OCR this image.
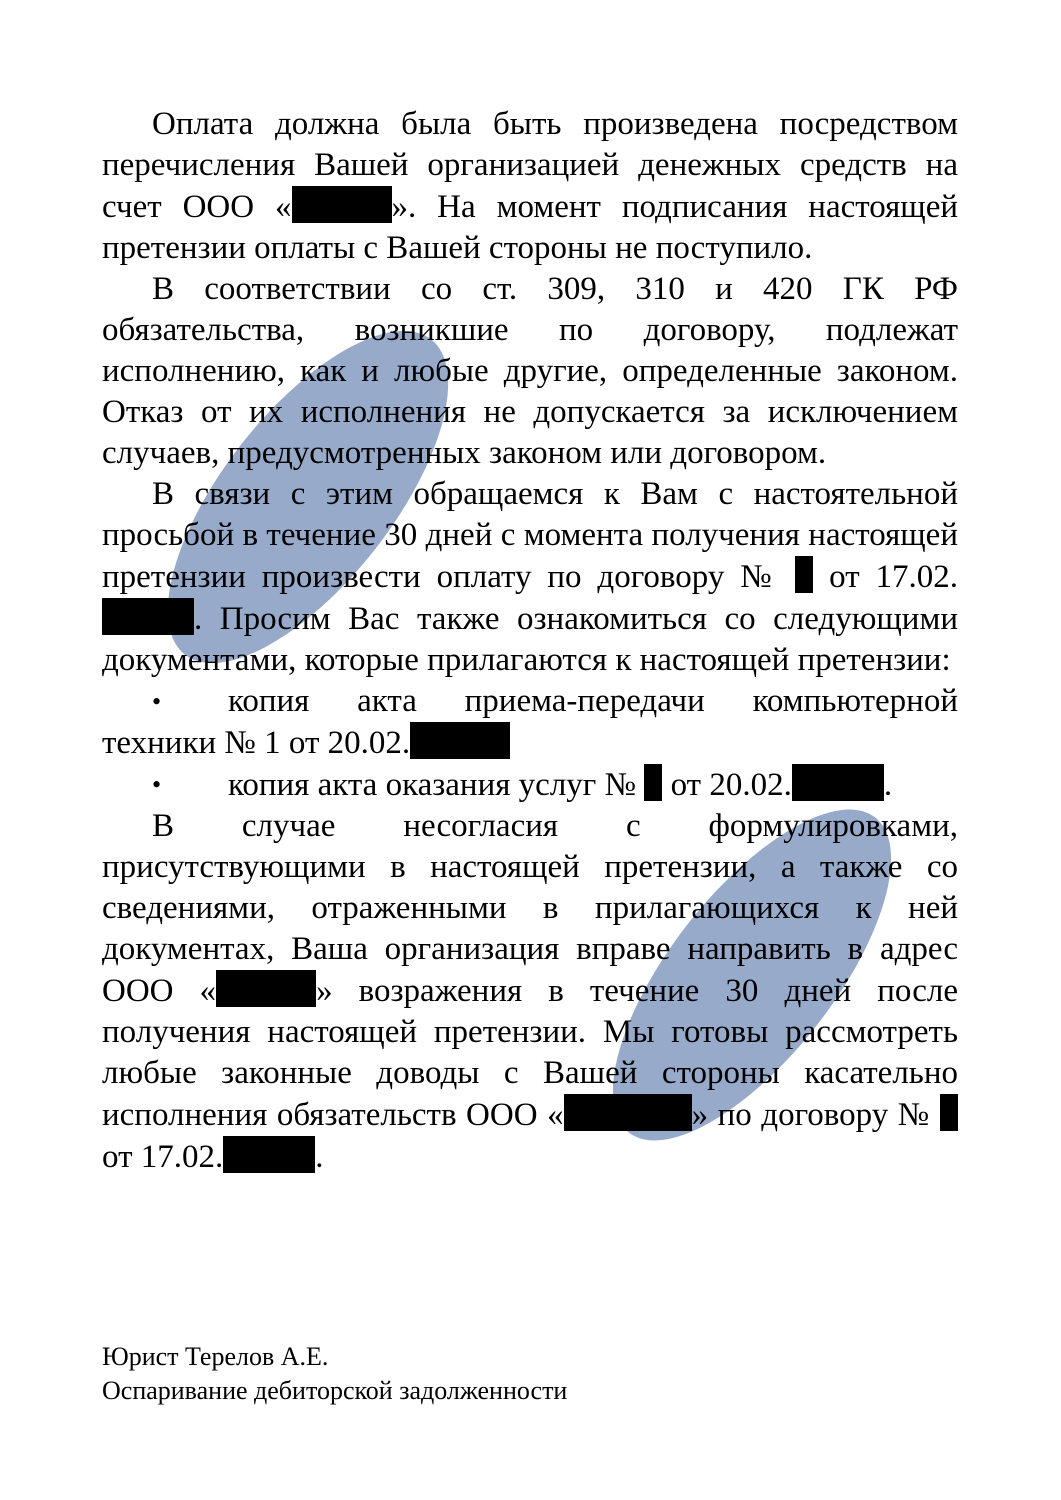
Оплата должна была быть произведена посредством перечисления Вашей организацией денежных средств на счет ООО «	». На момент подписания настоящей претензии оплаты с Вашей стороны не поступило.

В соответствии со ст. 309, 310 и 420 ГК РФ обязательства, возникшие по договору, подлежат исполнению, как и любые другие, определенные законом. Отказ от их исполнения не допускается за исключением случаев, предусмотренных законом или договором.

В связи с этим обращаемся к Вам с настоятельной просьбой в течение 30 дней с момента получения настоящей претензии произвести оплату по договору № от 17.02.. Просим Вас также ознакомиться со следующими документами, которые прилагаются к настоящей претензии:

• копия акта приема-передачи компьютерной техники № 1 от 20.02.
• копия акта оказания услуг № от 20.02.	.

В случае несогласия с формулировками, присутствующими в настоящей претензии, а также со сведениями, отраженными в прилагающихся к ней документах, Ваша организация вправе направить в адрес ООО «	» возражения в течение 30 дней после получения настоящей претензии. Мы готовы рассмотреть любые законные доводы с Вашей стороны касательно исполнения обязательств ООО «	» по договору №  от 17.02.	.

Юрист Терелов А.Е.
Оспаривание дебиторской задолженности
